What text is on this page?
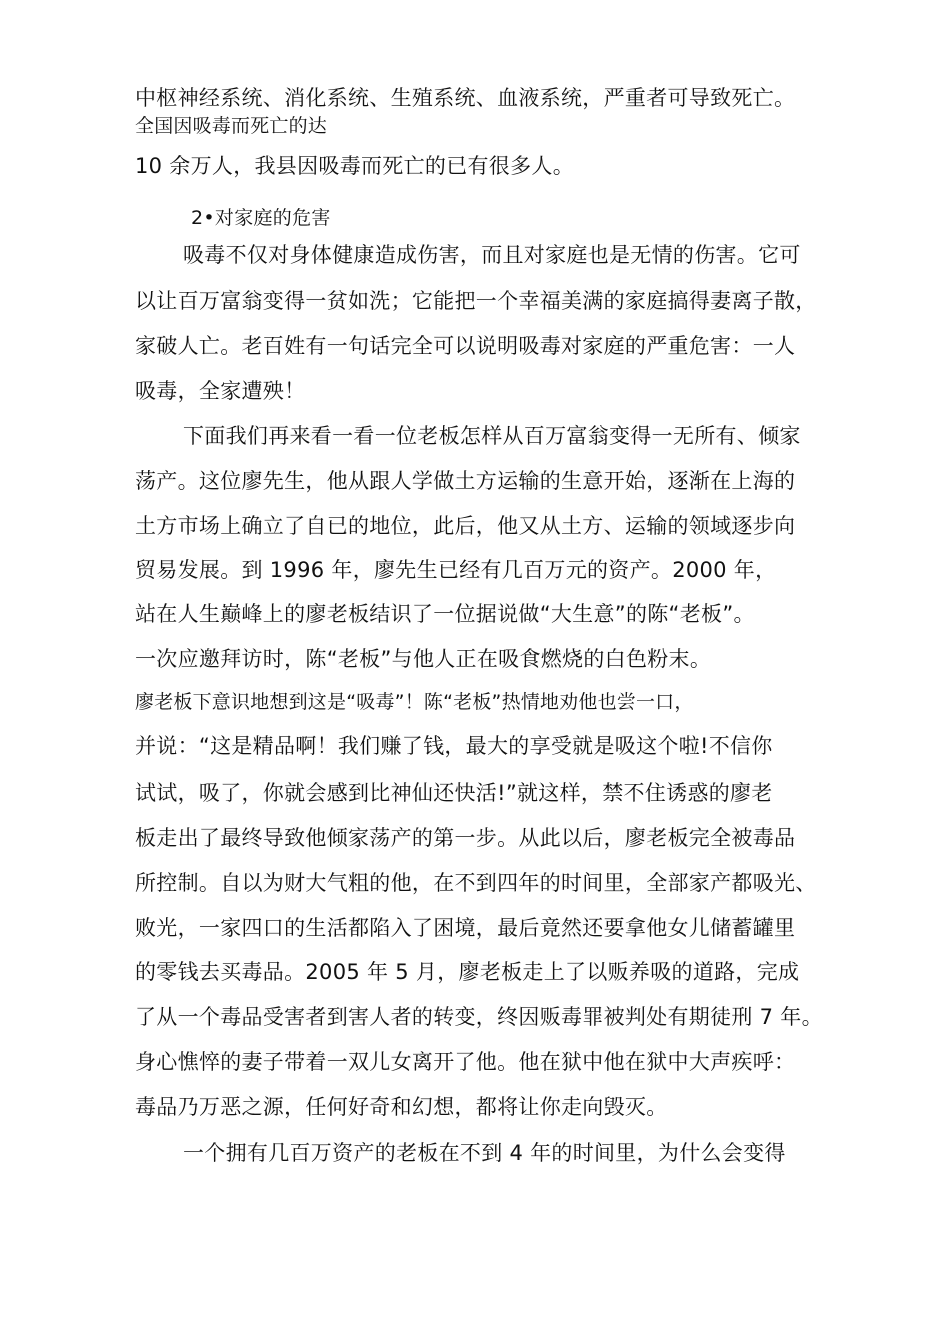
中枢神经系统、消化系统、生殖系统、血液系统，严重者可导致死亡。
全国因吸毒而死亡的达
10 余万人，我县因吸毒而死亡的已有很多人。
2•对家庭的危害
吸毒不仅对身体健康造成伤害，而且对家庭也是无情的伤害。它可
以让百万富翁变得一贫如洗；它能把一个幸福美满的家庭搞得妻离子散，
家破人亡。老百姓有一句话完全可以说明吸毒对家庭的严重危害：一人
吸毒，全家遭殃！
下面我们再来看一看一位老板怎样从百万富翁变得一无所有、倾家
荡产。这位廖先生，他从跟人学做土方运输的生意开始，逐渐在上海的
土方市场上确立了自已的地位，此后，他又从土方、运输的领域逐步向
贸易发展。到 1996 年，廖先生已经有几百万元的资产。2000 年，
站在人生巅峰上的廖老板结识了一位据说做“大生意”的陈“老板”。
一次应邀拜访时，陈“老板”与他人正在吸食燃烧的白色粉末。
廖老板下意识地想到这是“吸毒”！陈“老板”热情地劝他也尝一口，
并说：“这是精品啊！我们赚了钱，最大的享受就是吸这个啦!不信你
试试，吸了，你就会感到比神仙还快活!”就这样，禁不住诱惑的廖老
板走出了最终导致他倾家荡产的第一步。从此以后，廖老板完全被毒品
所控制。自以为财大气粗的他，在不到四年的时间里，全部家产都吸光、
败光，一家四口的生活都陷入了困境，最后竟然还要拿他女儿储蓄罐里
的零钱去买毒品。2005 年 5 月，廖老板走上了以贩养吸的道路，完成
了从一个毒品受害者到害人者的转变，终因贩毒罪被判处有期徒刑 7 年。
身心憔悴的妻子带着一双儿女离开了他。他在狱中他在狱中大声疾呼：
毒品乃万恶之源，任何好奇和幻想，都将让你走向毁灭。
一个拥有几百万资产的老板在不到 4 年的时间里，为什么会变得
